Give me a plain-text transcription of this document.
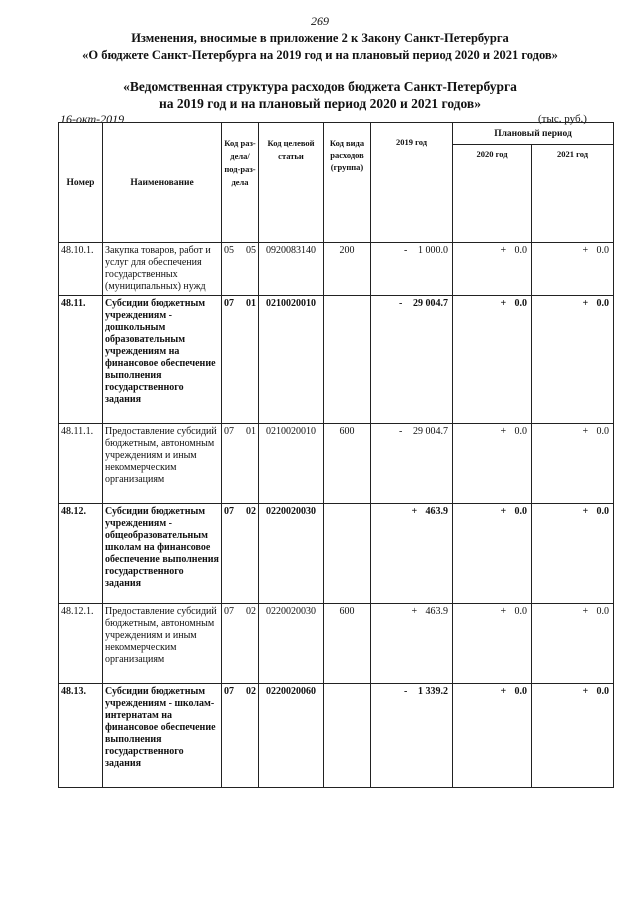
269
Изменения, вносимые в приложение 2 к Закону Санкт-Петербурга
«О бюджете Санкт-Петербурга на 2019 год и на плановый период 2020 и 2021 годов»
«Ведомственная структура расходов бюджета Санкт-Петербурга
на 2019 год и на плановый период 2020 и 2021 годов»
16-окт-2019	(тыс. руб.)
Номер	Наименование	Код раз-дела/ под-раз-дела	Код целевой статьи	Код вида расходов (группа)	2019 год	Плановый период	
						2020 год	2021 год
48.10.1.	Закупка товаров, работ и услуг для обеспечения государственных (муниципальных) нужд	05 05	0920083140	200	- 1 000.0	+ 0.0	+ 0.0
48.11.	Субсидии бюджетным учреждениям - дошкольным образовательным учреждениям на финансовое обеспечение выполнения государственного задания	07 01	0210020010		- 29 004.7	+ 0.0	+ 0.0
48.11.1.	Предоставление субсидий бюджетным, автономным учреждениям и иным некоммерческим организациям	07 01	0210020010	600	- 29 004.7	+ 0.0	+ 0.0
48.12.	Субсидии бюджетным учреждениям - общеобразовательным школам на финансовое обеспечение выполнения государственного задания	07 02	0220020030		+ 463.9	+ 0.0	+ 0.0
48.12.1.	Предоставление субсидий бюджетным, автономным учреждениям и иным некоммерческим организациям	07 02	0220020030	600	+ 463.9	+ 0.0	+ 0.0
48.13.	Субсидии бюджетным учреждениям - школам-интернатам на финансовое обеспечение выполнения государственного задания	07 02	0220020060		- 1 339.2	+ 0.0	+ 0.0
